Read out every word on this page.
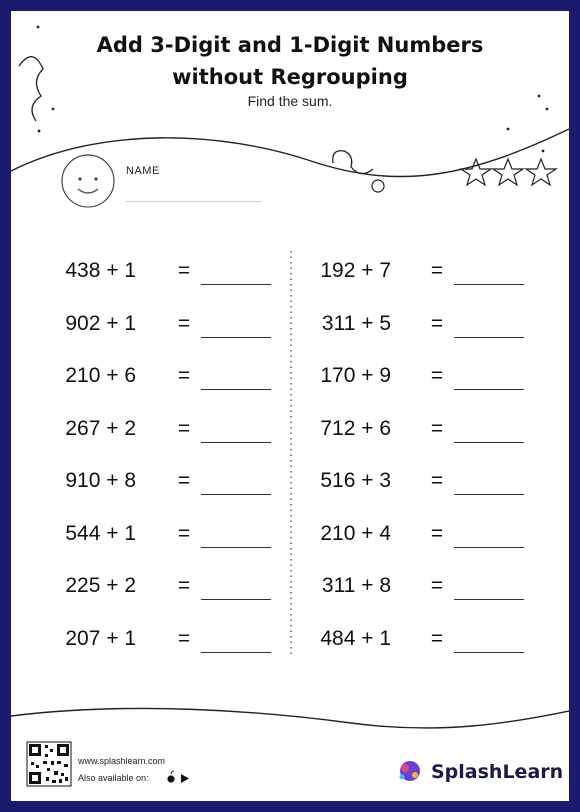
Add 3-Digit and 1-Digit Numbers
without Regrouping
Find the sum.
NAME
438 + 1 =
902 + 1 =
210 + 6 =
267 + 2 =
910 + 8 =
544 + 1 =
225 + 2 =
207 + 1 =
192 + 7 =
311 + 5 =
170 + 9 =
712 + 6 =
516 + 3 =
210 + 4 =
311 + 8 =
484 + 1 =
www.splashlearn.com
Also available on:	SplashLearn
